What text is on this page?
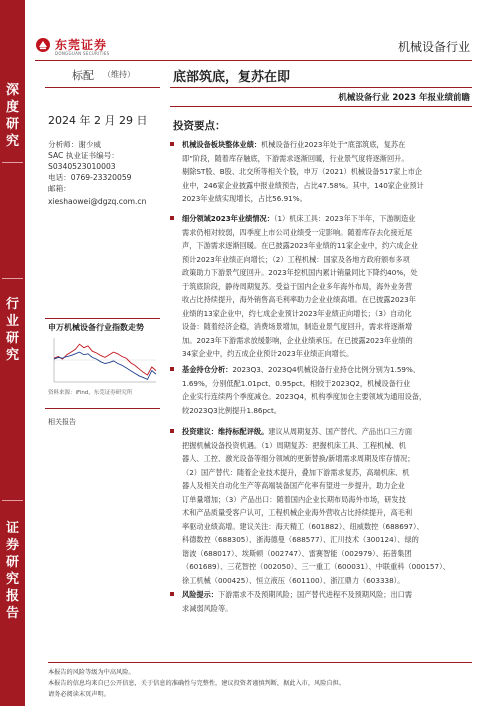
深度研究
行业研究
证券研究报告
东莞证券
DONGGUAN SECURITIES	机械设备行业
标配 （维持）
2024 年 2 月 29 日
分析师：谢少威
SAC 执业证书编号：
S0340523010003
电话：0769-23320059
邮箱：
xieshaowei@dgzq.com.cn
申万机械设备行业指数走势
资料来源：iFind，东莞证券研究所
相关报告
底部筑底，复苏在即
机械设备行业 2023 年报业绩前瞻
投资要点：
机械设备板块整体业绩：机械设备行业2023年处于“底部筑底，复苏在
即”阶段，随着库存触底，下游需求逐渐回暖，行业景气度将逐渐回升。
剔除ST股、B股、北交所等相关个股，申万（2021）机械设备517家上市企
业中，246家企业披露中报业绩预告，占比47.58%。其中，140家企业预计
2023年业绩实现增长，占比56.91%。
细分领域2023年业绩情况：（1）机床工具：2023年下半年，下游制造业
需求仍相对较弱，四季度上市公司业绩受一定影响。随着库存去化接近尾
声，下游需求逐渐回暖。在已披露2023年业绩的11家企业中，约六成企业
预计2023年业绩正向增长；（2）工程机械：国家及各地方政府颁布多项
政策助力下游景气度回升。2023年挖机国内累计销量同比下降约40%，处
于筑底阶段，静待周期复苏。受益于国内企业多年海外布局，海外业务营
收占比持续提升，海外销售高毛利率助力企业业绩高增。在已披露2023年
业绩的13家企业中，约七成企业预计2023年业绩正向增长；（3）自动化
设备：随着经济企稳，消费场景增加，制造业景气度回升，需求将逐渐增
加。2023年下游需求放缓影响，企业业绩承压。在已披露2023年业绩的
34家企业中，约五成企业预计2023年业绩正向增长。
基金持仓分析：2023Q3、2023Q4机械设备行业持仓比例分别为1.59%、
1.69%，分别低配1.01pct、0.95pct。相较于2023Q2，机械设备行业
企业实行连续两个季度减仓。2023Q4，机构季度加仓主要领域为通用设备，
较2023Q3比例提升1.86pct。
投资建议：维持标配评级。建议从周期复苏、国产替代、产品出口三方面
把握机械设备投资机遇。（1）周期复苏：把握机床工具、工程机械、机
器人、工控、激光设备等细分领域的更新替换/新增需求周期及库存情况；
（2）国产替代：随着企业技术提升，叠加下游需求复苏，高端机床、机
器人及相关自动化生产等高端装备国产化率有望进一步提升，助力企业
订单量增加；（3）产品出口：随着国内企业长期布局海外市场，研发技
术和产品质量受客户认可，工程机械企业海外营收占比持续提升，高毛利
率驱动业绩高增。建议关注：海天精工（601882）、纽威数控（688697）、
科德数控（688305）、浙海德曼（688577）、汇川技术（300124）、绿的
谐波（688017）、埃斯顿（002747）、雷赛智能（002979）、拓普集团
（601689）、三花智控（002050）、三一重工（600031）、中联重科（000157）、
徐工机械（000425）、恒立液压（601100）、浙江鼎力（603338）。
风险提示：下游需求不及预期风险；国产替代进程不及预期风险；出口需
求减弱风险等。
本报告的风险等级为中高风险。
本报告的信息均来自已公开信息，关于信息的准确性与完整性，建议投资者谨慎判断，据此入市，风险自担。
请务必阅读末页声明。
